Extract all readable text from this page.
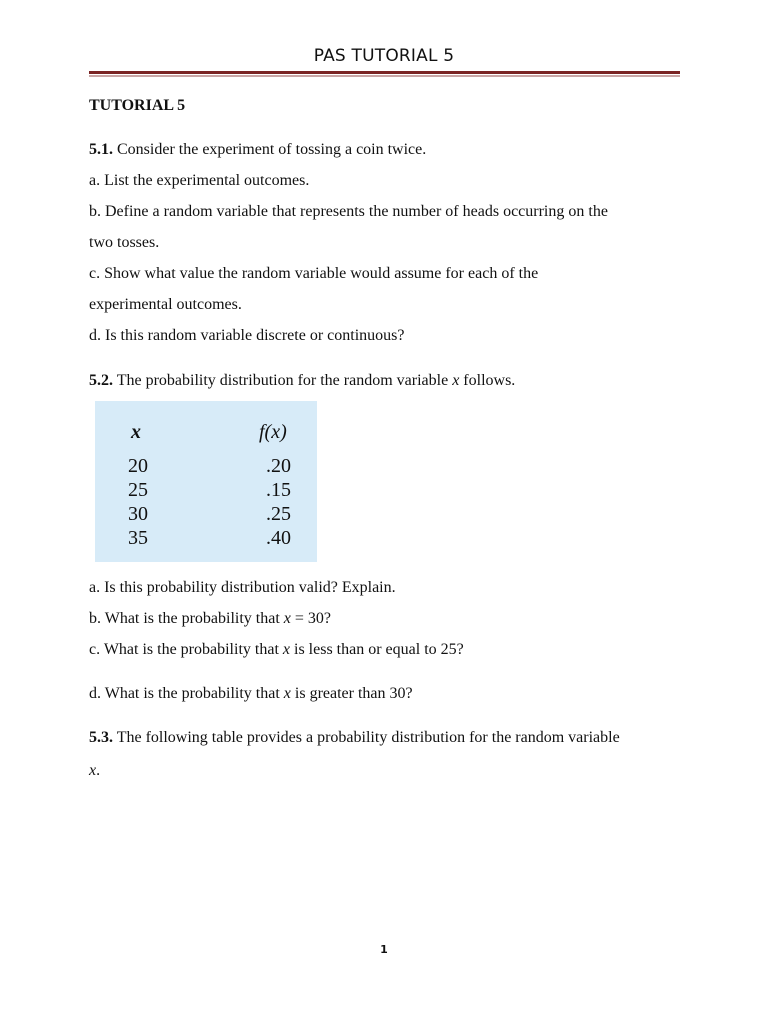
PAS TUTORIAL 5
TUTORIAL 5
5.1. Consider the experiment of tossing a coin twice.
a. List the experimental outcomes.
b. Define a random variable that represents the number of heads occurring on the
two tosses.
c. Show what value the random variable would assume for each of the
experimental outcomes.
d. Is this random variable discrete or continuous?
5.2. The probability distribution for the random variable x follows.
x	f(x)
20	.20
25	.15
30	.25
35	.40
a. Is this probability distribution valid? Explain.
b. What is the probability that x = 30?
c. What is the probability that x is less than or equal to 25?
d. What is the probability that x is greater than 30?
5.3. The following table provides a probability distribution for the random variable
x.
1
